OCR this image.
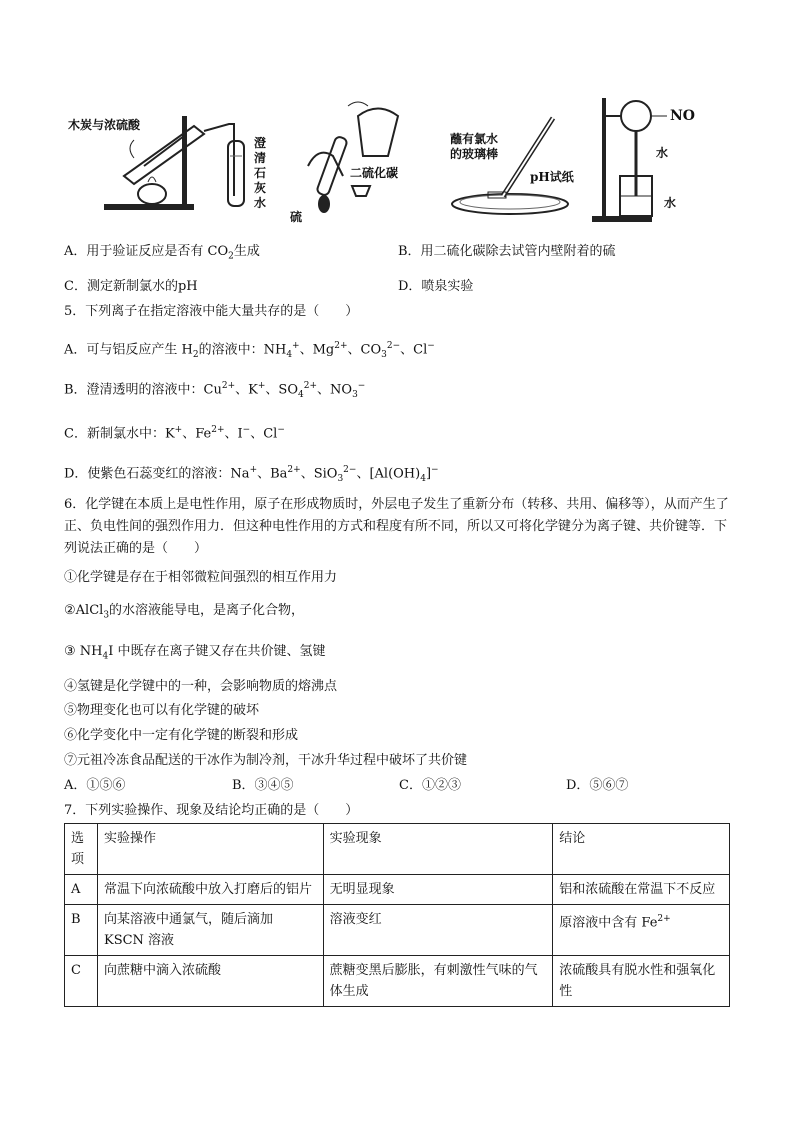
木炭与浓硫酸
澄清石灰水
硫
二硫化碳
蘸有氯水的玻璃棒
pH试纸
NO
水
水
A．用于验证反应是否有 $CO_2$生成	B．用二硫化碳除去试管内壁附着的硫
C．测定新制氯水的pH	D．喷泉实验
5．下列离子在指定溶液中能大量共存的是（　　）
A．可与铝反应产生 $H_2$的溶液中：$NH_4^+$、$Mg^{2+}$、$CO_3^{2-}$、Cl−
B．澄清透明的溶液中：$Cu^{2+}$、K+、$SO_4^{2+}$、$NO_3^-$
C．新制氯水中：K+、$Fe^{2+}$、I−、Cl−
D．使紫色石蕊变红的溶液：Na+、$Ba^{2+}$、SiO$_3^{2-}$、$[Al(OH)_4]^-$
6．化学键在本质上是电性作用，原子在形成物质时，外层电子发生了重新分布（转移、共用、偏移等），从而产生了正、负电性间的强烈作用力．但这种电性作用的方式和程度有所不同，所以又可将化学键分为离子键、共价键等．下列说法正确的是（　　）
①化学键是存在于相邻微粒间强烈的相互作用力
②AlCl$_3$的水溶液能导电，是离子化合物，
③ $NH_4I$ 中既存在离子键又存在共价键、氢键
④氢键是化学键中的一种，会影响物质的熔沸点
⑤物理变化也可以有化学键的破坏
⑥化学变化中一定有化学键的断裂和形成
⑦元祖冷冻食品配送的干冰作为制冷剂，干冰升华过程中破坏了共价键
A．①⑤⑥	B．③④⑤	C．①②③	D．⑤⑥⑦
7．下列实验操作、现象及结论均正确的是（　　）
选项	实验操作	实验现象	结论
A	常温下向浓硫酸中放入打磨后的铝片	无明显现象	铝和浓硫酸在常温下不反应
B	向某溶液中通氯气，随后滴加 KSCN 溶液	溶液变红	原溶液中含有 $Fe^{2+}$
C	向蔗糖中滴入浓硫酸	蔗糖变黑后膨胀，有刺激性气味的气体生成	浓硫酸具有脱水性和强氧化性
